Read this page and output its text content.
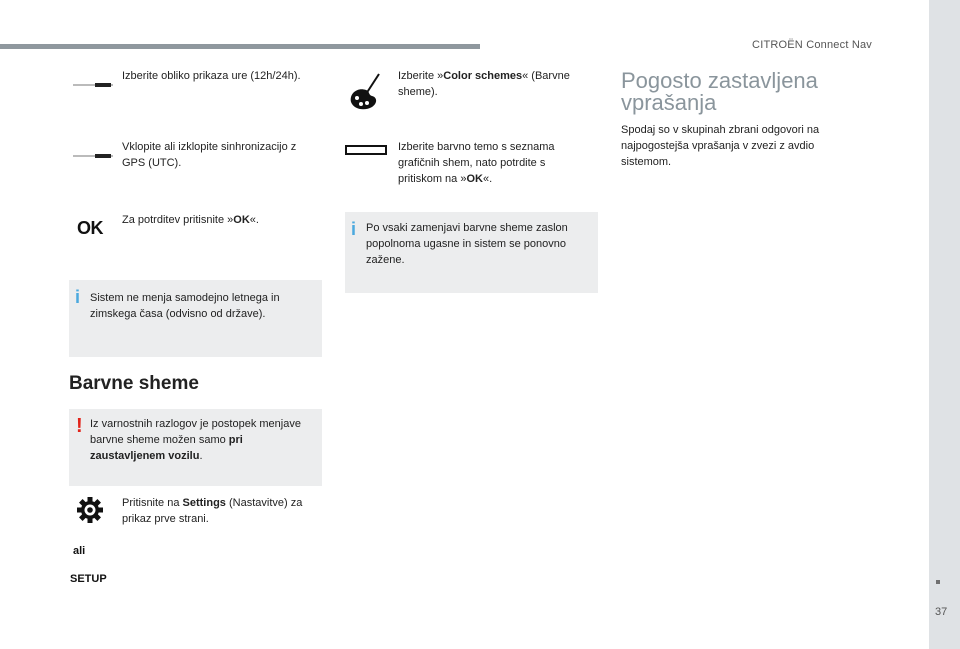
CITROËN Connect Nav
37
Izberite obliko prikaza ure (12h/24h).
Vklopite ali izklopite sinhronizacijo z GPS (UTC).
OK Za potrditev pritisnite »OK«.
i Sistem ne menja samodejno letnega in zimskega časa (odvisno od države).
Barvne sheme
! Iz varnostnih razlogov je postopek menjave barvne sheme možen samo pri zaustavljenem vozilu.
Pritisnite na Settings (Nastavitve) za prikaz prve strani.
ali
SETUP
Izberite »Color schemes« (Barvne sheme).
Izberite barvno temo s seznama grafičnih shem, nato potrdite s pritiskom na »OK«.
i Po vsaki zamenjavi barvne sheme zaslon popolnoma ugasne in sistem se ponovno zažene.
Pogosto zastavljena
vprašanja
Spodaj so v skupinah zbrani odgovori na najpogostejša vprašanja v zvezi z avdio sistemom.
